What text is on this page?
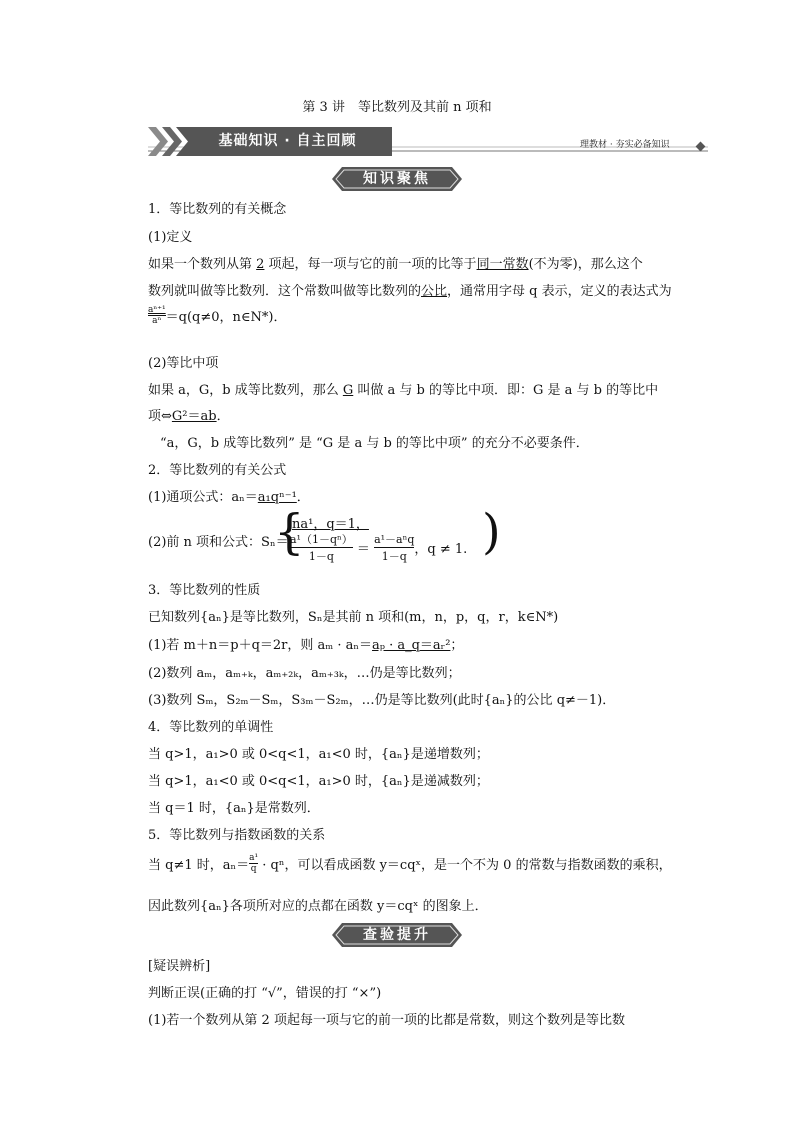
第 3 讲　等比数列及其前 n 项和
基础知识 · 自主回顾	理教材 · 夯实必备知识
知识聚焦
1．等比数列的有关概念
(1)定义
如果一个数列从第 2 项起，每一项与它的前一项的比等于同一常数(不为零)，那么这个
数列就叫做等比数列．这个常数叫做等比数列的公比，通常用字母 q 表示，定义的表达式为
$\frac{\text{aⁿ⁺¹}}{\text{aⁿ}} =q(q\ne 0$，n∈N*)．
(2)等比中项
如果 a，G，b 成等比数列，那么 G 叫做 a 与 b 的等比中项．即：G 是 a 与 b 的等比中
项⇔G²＝ab．
“a，G，b 成等比数列” 是 “G 是 a 与 b 的等比中项” 的充分不必要条件．
2．等比数列的有关公式
(1)通项公式：aₙ＝a₁qⁿ⁻¹．
(2)前 n 项和公式：Sₙ＝
{
na¹，q＝1，
$\frac{\text{a¹（1－qⁿ）}}{1-q}$ ＝
a¹－aⁿq
1－q ，q ≠ 1. )
3．等比数列的性质
已知数列{aₙ}是等比数列，Sₙ是其前 n 项和(m，n，p，q，r，k∈N*)
(1)若 m＋n＝p＋q＝2r，则 aₘ · aₙ＝aₚ · a_q＝aᵣ²；
(2)数列 aₘ，aₘ₊ₖ，aₘ₊₂ₖ，aₘ₊₃ₖ，…仍是等比数列；
(3)数列 Sₘ，S₂ₘ－Sₘ，S₃ₘ－S₂ₘ，…仍是等比数列(此时{aₙ}的公比 q≠－1)．
4．等比数列的单调性
当 q>1，a₁>0 或 0<q<1，a₁<0 时，{aₙ}是递增数列；
当 q>1，a₁<0 或 0<q<1，a₁>0 时，{aₙ}是递减数列；
当 q＝1 时，{aₙ}是常数列．
5．等比数列与指数函数的关系
当 q≠1 时，$a_n= \frac{\text{a¹}}{q} \cdot q^n$，可以看成函数 y＝cqˣ，是一个不为 0 的常数与指数函数的乘积，
因此数列{aₙ}各项所对应的点都在函数 y＝cqˣ 的图象上．
查验提升
[疑误辨析]
判断正误(正确的打 “√”，错误的打 “×”)
(1)若一个数列从第 2 项起每一项与它的前一项的比都是常数，则这个数列是等比数
